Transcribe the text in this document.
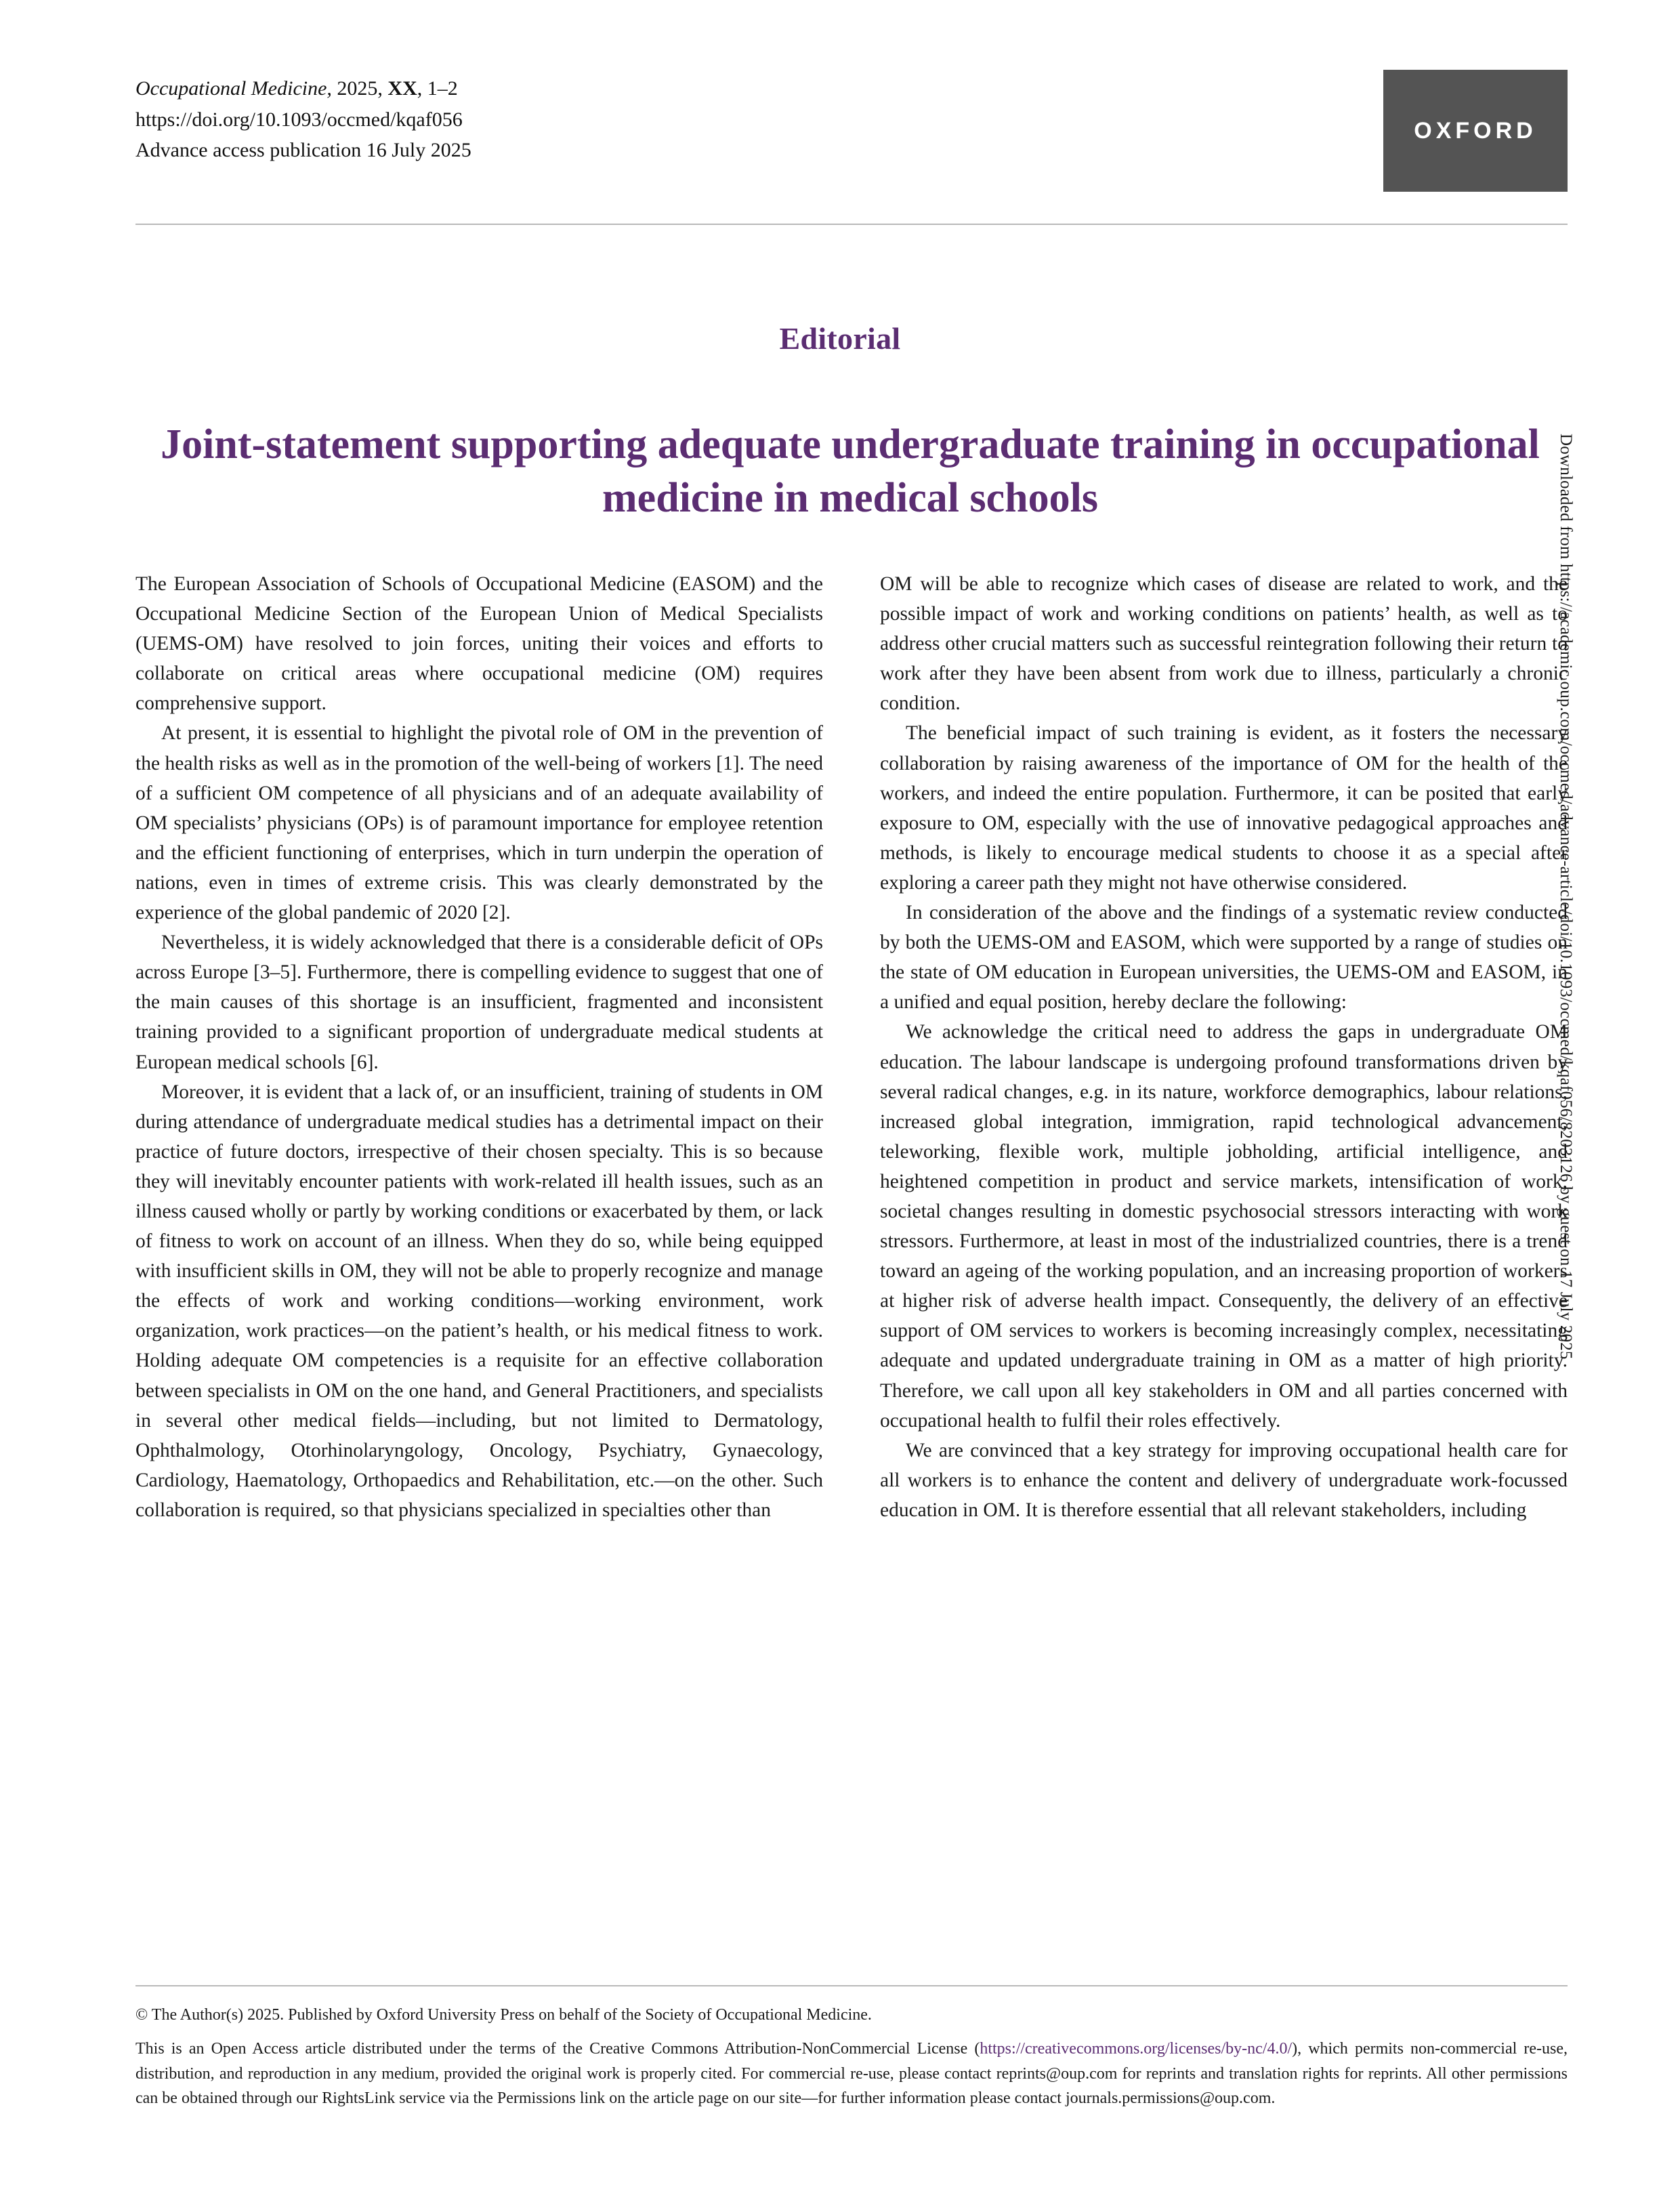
Occupational Medicine, 2025, XX, 1–2
https://doi.org/10.1093/occmed/kqaf056
Advance access publication 16 July 2025
OXFORD
Editorial
Joint-statement supporting adequate undergraduate training in occupational medicine in medical schools	Downloaded from https://academic.oup.com/occmed/advance-article/doi/10.1093/occmed/kqaf056/8203126 by guest on 17 July 2025

The European Association of Schools of Occupational Medicine (EASOM) and the Occupational Medicine Section of the European Union of Medical Specialists (UEMS-OM) have resolved to join forces, uniting their voices and efforts to collaborate on critical areas where occupational medicine (OM) requires comprehensive support.

At present, it is essential to highlight the pivotal role of OM in the prevention of the health risks as well as in the promotion of the well-being of workers [1]. The need of a sufficient OM competence of all physicians and of an adequate availability of OM specialists’ physicians (OPs) is of paramount importance for employee retention and the efficient functioning of enterprises, which in turn underpin the operation of nations, even in times of extreme crisis. This was clearly demonstrated by the experience of the global pandemic of 2020 [2].

Nevertheless, it is widely acknowledged that there is a considerable deficit of OPs across Europe [3–5]. Furthermore, there is compelling evidence to suggest that one of the main causes of this shortage is an insufficient, fragmented and inconsistent training provided to a significant proportion of undergraduate medical students at European medical schools [6].

Moreover, it is evident that a lack of, or an insufficient, training of students in OM during attendance of undergraduate medical studies has a detrimental impact on their practice of future doctors, irrespective of their chosen specialty. This is so because they will inevitably encounter patients with work-related ill health issues, such as an illness caused wholly or partly by working conditions or exacerbated by them, or lack of fitness to work on account of an illness. When they do so, while being equipped with insufficient skills in OM, they will not be able to properly recognize and manage the effects of work and working conditions—working environment, work organization, work practices—on the patient’s health, or his medical fitness to work. Holding adequate OM competencies is a requisite for an effective collaboration between specialists in OM on the one hand, and General Practitioners, and specialists in several other medical fields—including, but not limited to Dermatology, Ophthalmology, Otorhinolaryngology, Oncology, Psychiatry, Gynaecology, Cardiology, Haematology, Orthopaedics and Rehabilitation, etc.—on the other. Such collaboration is required, so that physicians specialized in specialties other than

OM will be able to recognize which cases of disease are related to work, and the possible impact of work and working conditions on patients’ health, as well as to address other crucial matters such as successful reintegration following their return to work after they have been absent from work due to illness, particularly a chronic condition.

The beneficial impact of such training is evident, as it fosters the necessary collaboration by raising awareness of the importance of OM for the health of the workers, and indeed the entire population. Furthermore, it can be posited that early exposure to OM, especially with the use of innovative pedagogical approaches and methods, is likely to encourage medical students to choose it as a special after exploring a career path they might not have otherwise considered.

In consideration of the above and the findings of a systematic review conducted by both the UEMS-OM and EASOM, which were supported by a range of studies on the state of OM education in European universities, the UEMS-OM and EASOM, in a unified and equal position, hereby declare the following:

We acknowledge the critical need to address the gaps in undergraduate OM education. The labour landscape is undergoing profound transformations driven by several radical changes, e.g. in its nature, workforce demographics, labour relations, increased global integration, immigration, rapid technological advancement, teleworking, flexible work, multiple jobholding, artificial intelligence, and heightened competition in product and service markets, intensification of work, societal changes resulting in domestic psychosocial stressors interacting with work stressors. Furthermore, at least in most of the industrialized countries, there is a trend toward an ageing of the working population, and an increasing proportion of workers at higher risk of adverse health impact. Consequently, the delivery of an effective support of OM services to workers is becoming increasingly complex, necessitating adequate and updated undergraduate training in OM as a matter of high priority. Therefore, we call upon all key stakeholders in OM and all parties concerned with occupational health to fulfil their roles effectively.

We are convinced that a key strategy for improving occupational health care for all workers is to enhance the content and delivery of undergraduate work-focussed education in OM. It is therefore essential that all relevant stakeholders, including

© The Author(s) 2025. Published by Oxford University Press on behalf of the Society of Occupational Medicine.

This is an Open Access article distributed under the terms of the Creative Commons Attribution-NonCommercial License (https://creativecommons.org/licenses/by-nc/4.0/), which permits non-commercial re-use, distribution, and reproduction in any medium, provided the original work is properly cited. For commercial re-use, please contact reprints@oup.com for reprints and translation rights for reprints. All other permissions can be obtained through our RightsLink service via the Permissions link on the article page on our site—for further information please contact journals.permissions@oup.com.
